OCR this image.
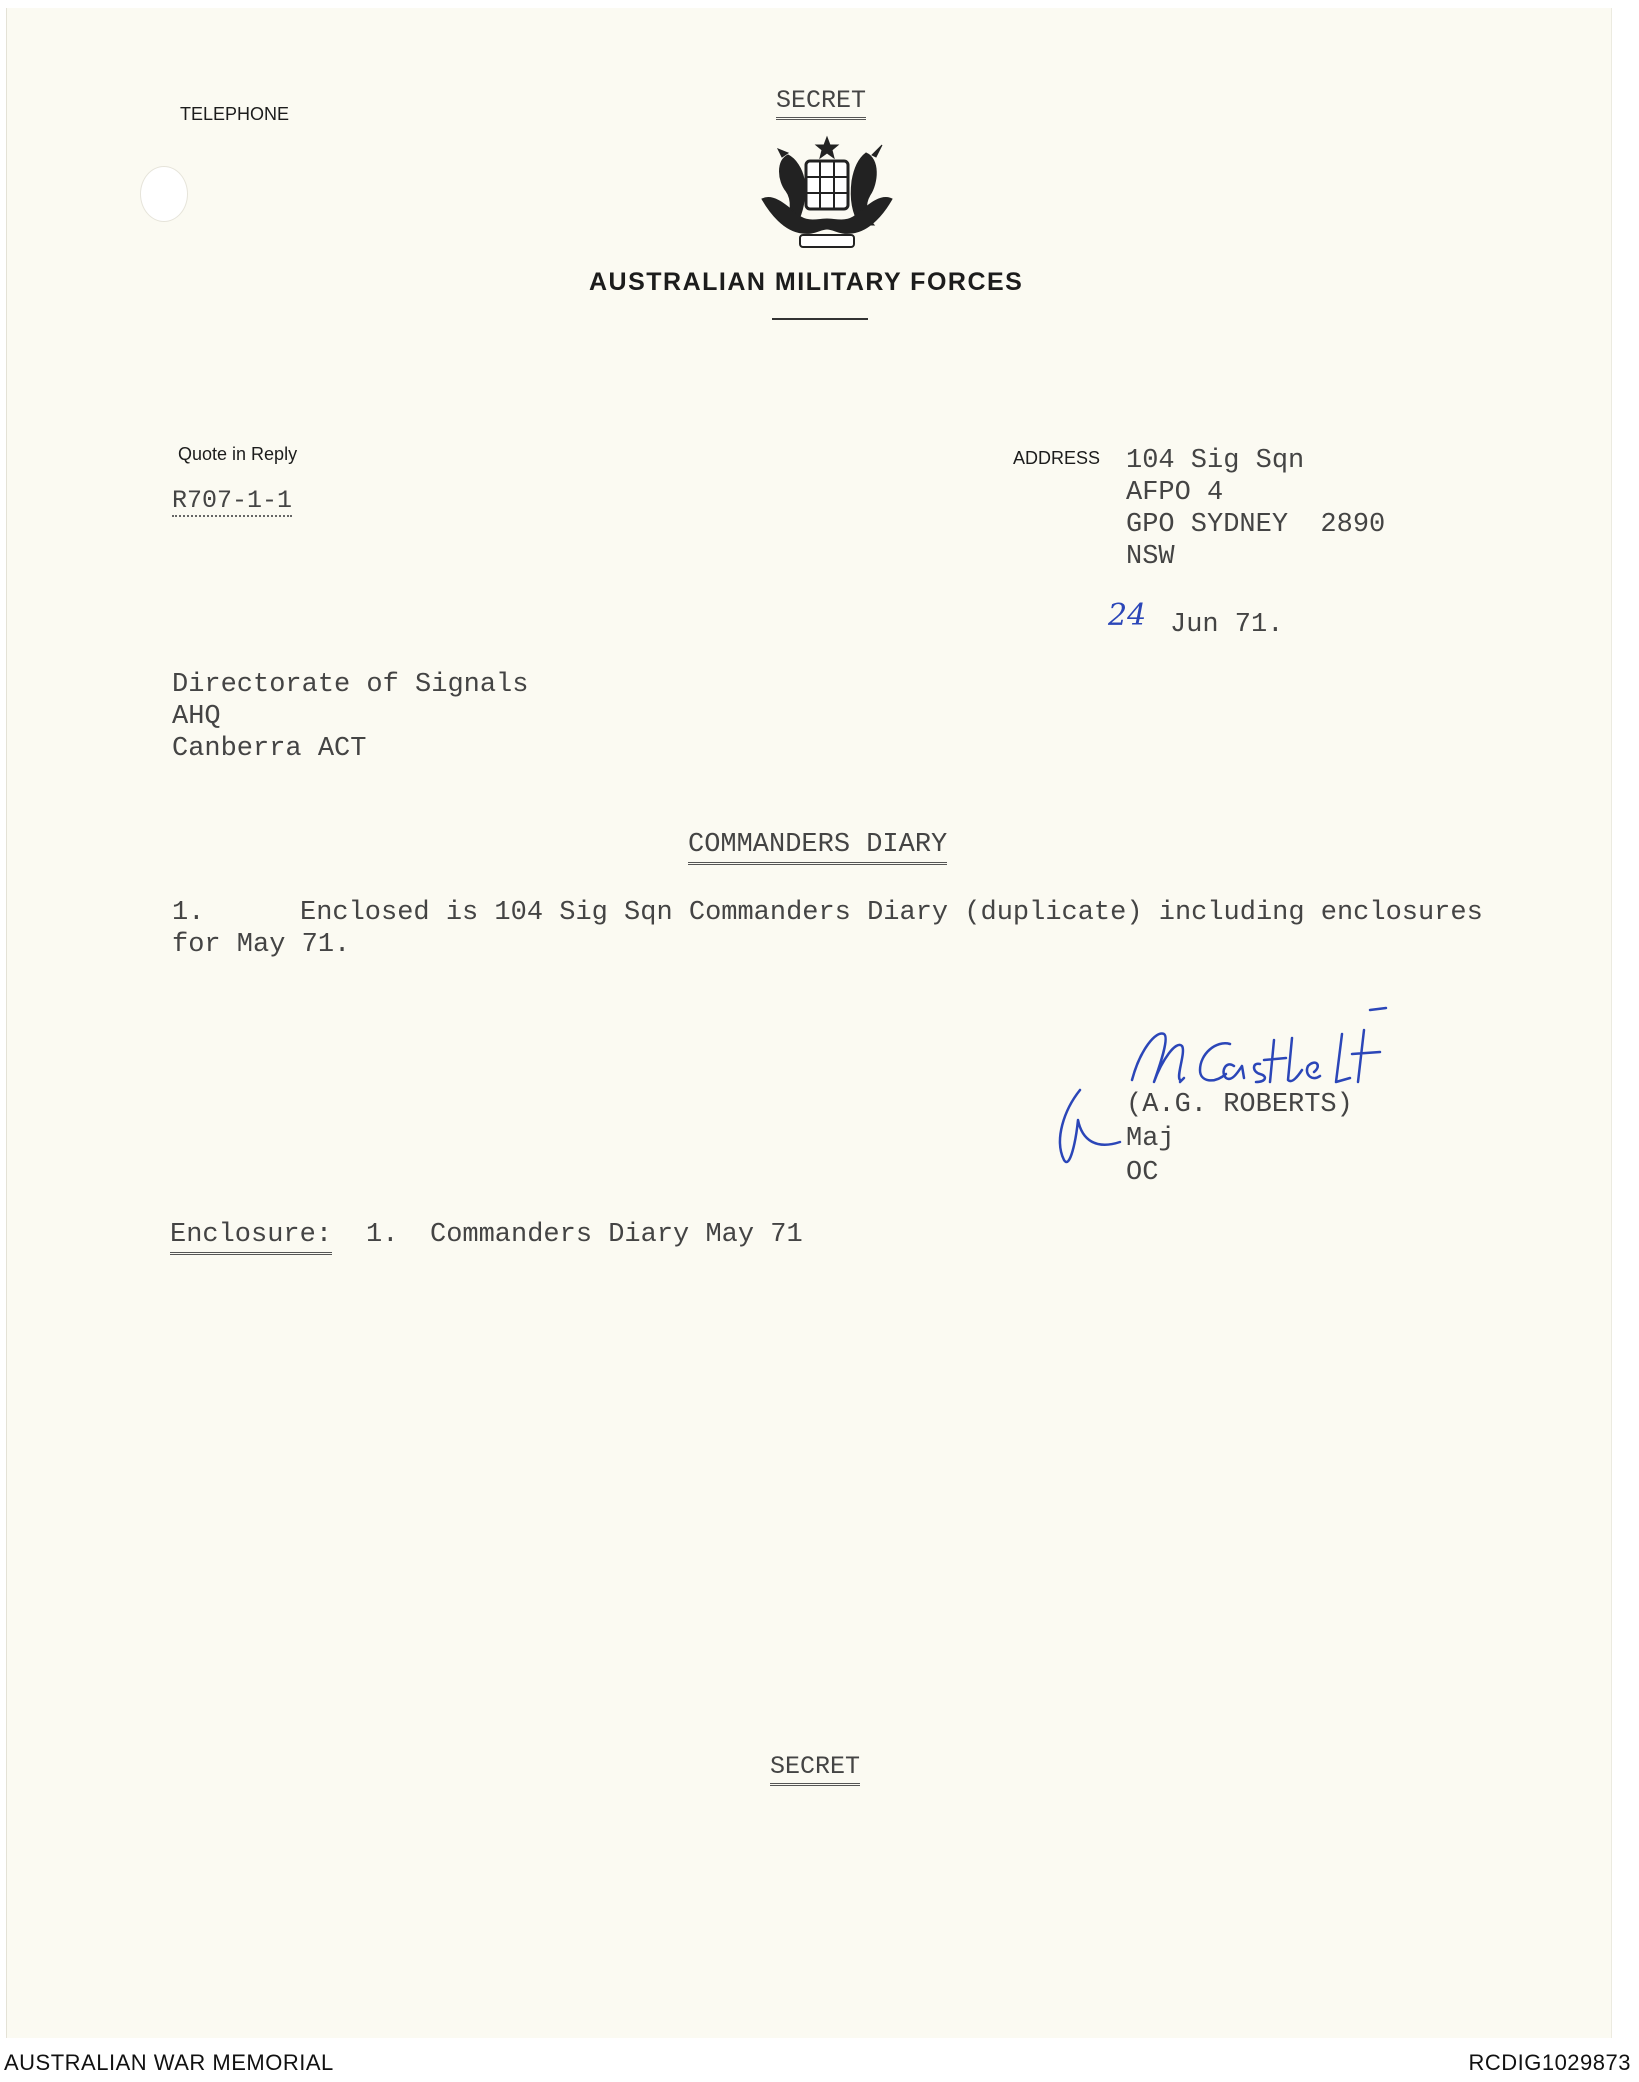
TELEPHONE	SECRET

AUSTRALIAN MILITARY FORCES

Quote in Reply

R707-1-1

ADDRESS 104 Sig Sqn

AFPO 4

GPO SYDNEY  2890

NSW

24 Jun 71.

Directorate of Signals

AHQ

Canberra ACT

COMMANDERS DIARY

1.	Enclosed is 104 Sig Sqn Commanders Diary (duplicate) including enclosures

for May 71.

(A.G. ROBERTS)

Maj

OC

Enclosure: 1. Commanders Diary May 71

SECRET

AUSTRALIAN WAR MEMORIAL	RCDIG1029873
